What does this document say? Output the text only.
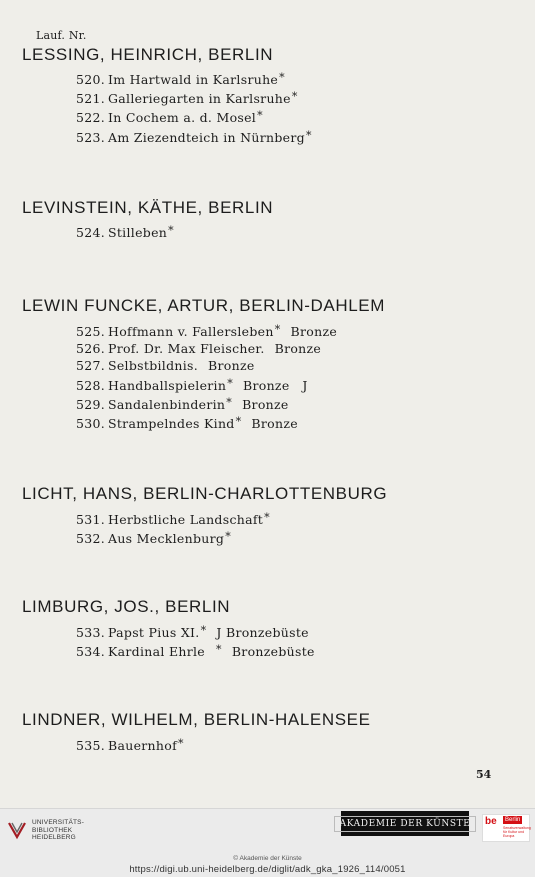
Lauf. Nr.
LESSING, HEINRICH, BERLIN
520. Im Hartwald in Karlsruhe*
521. Galleriegarten in Karlsruhe*
522. In Cochem a. d. Mosel*
523. Am Ziezendteich in Nürnberg*
LEVINSTEIN, KÄTHE, BERLIN
524. Stilleben*
LEWIN FUNCKE, ARTUR, BERLIN-DAHLEM
525. Hoffmann v. Fallersleben* Bronze
526. Prof. Dr. Max Fleischer. Bronze
527. Selbstbildnis. Bronze
528. Handballspielerin* Bronze   J
529. Sandalenbinderin* Bronze
530. Strampelndes Kind* Bronze
LICHT, HANS, BERLIN-CHARLOTTENBURG
531. Herbstliche Landschaft*
532. Aus Mecklenburg*
LIMBURG, JOS., BERLIN
533. Papst Pius XI.* J Bronzebüste
534. Kardinal Ehrle * Bronzebüste
LINDNER, WILHELM, BERLIN-HALENSEE
535. Bauernhof*
54
UNIVERSITÄTS-
BIBLIOTHEK
HEIDELBERG
AKADEMIE DER KÜNSTE	be	Berlin
Senatsverwaltung für Kultur und Europa
© Akademie der Künste
https://digi.ub.uni-heidelberg.de/diglit/adk_gka_1926_114/0051
